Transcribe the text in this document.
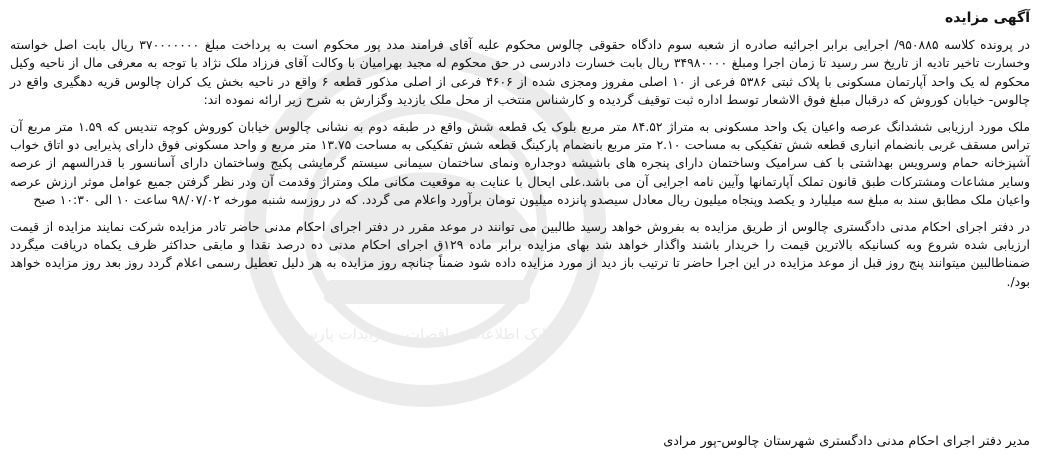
بانک اطلاعات مناقصات و مزایدات پارس
آگهی مزایده

در پرونده کلاسه ۹۵۰۸۸۵/ اجرایی برابر اجرائیه صادره از شعبه سوم دادگاه حقوقی چالوس محکوم علیه آقای فرامند مدد پور محکوم است به پرداخت مبلغ ۳۷۰۰۰۰۰۰۰ ریال بابت اصل خواسته وخسارت تاخیر تادیه از تاریخ سر رسید تا زمان اجرا ومبلغ ۳۴۹۸۰۰۰۰ ریال بابت خسارت دادرسی در حق محکوم له مجید بهرامیان با وکالت آقای فرزاد ملک نژاد با توجه به معرفی مال از ناحیه وکیل محکوم له یک واحد آپارتمان مسکونی با پلاک ثبتی ۵۳۸۶ فرعی از ۱۰ اصلی مفروز ومجزی شده از ۴۶۰۶ فرعی از اصلی مذکور قطعه ۶ واقع در ناحیه بخش یک کران چالوس قریه دهگیری واقع در چالوس- خیابان کوروش که درقبال مبلغ فوق الاشعار توسط اداره ثبت توقیف گردیده و کارشناس منتخب از محل ملک بازدید وگزارش به شرح زیر ارائه نموده اند:

ملک مورد ارزیابی ششدانگ عرصه واعیان یک واحد مسکونی به متراژ ۸۴.۵۲ متر مربع بلوک یک قطعه شش واقع در طبقه دوم به نشانی چالوس خیابان کوروش کوچه تندیس که ۱.۵۹ متر مربع آن تراس مسقف غربی بانضمام انباری قطعه شش تفکیکی به مساحت ۲.۱۰ متر مربع بانضمام پارکینگ قطعه شش تفکیکی به مساحت ۱۳.۷۵ متر مربع و واحد مسکونی فوق دارای پذیرایی دو اتاق خواب آشپزخانه حمام وسرویس بهداشتی با کف سرامیک وساختمان دارای پنجره های باشیشه دوجداره ونمای ساختمان سیمانی سیستم گرمایشی پکیج وساختمان دارای آسانسور با قدرالسهم از عرصه وسایر مشاعات ومشترکات طبق قانون تملک آپارتمانها وآیین نامه اجرایی آن می باشد.علی ایحال با عنایت به موقعیت مکانی ملک ومتراژ وقدمت آن ودر نظر گرفتن جمیع عوامل موثر ارزش عرصه واعیان ملک مطابق سند به مبلغ سه میلیارد و یکصد وپنجاه میلیون ریال معادل سیصدو پانزده میلیون تومان برآورد واعلام می گردد. که در روزسه شنبه مورخه ۹۸/۰۷/۰۲ ساعت ۱۰ الی ۱۰:۳۰ صبح

در دفتر اجرای احکام مدنی دادگستری چالوس از طریق مزایده به بفروش خواهد رسید طالبین می توانند در موعد مقرر در دفتر اجرای احکام مدنی حاضر تادر مزایده شرکت نمایند مزایده از قیمت ارزیابی شده شروع وبه کسانیکه بالاترین قیمت را خریدار باشند واگذار خواهد شد بهای مزایده برابر ماده ۱۲۹ق اجرای احکام مدنی ده درصد نقدا و مابقی حداکثر ظرف یکماه دریافت میگردد ضمناطالبین میتوانند پنج روز قبل از موعد مزایده در این اجرا حاضر تا ترتیب باز دید از مورد مزایده داده شود ضمناً چنانچه روز مزایده به هر دلیل تعطیل رسمی اعلام گردد روز بعد روز مزایده خواهد بود/.

مدیر دفتر اجرای احکام مدنی دادگستری شهرستان چالوس-پور مرادی
